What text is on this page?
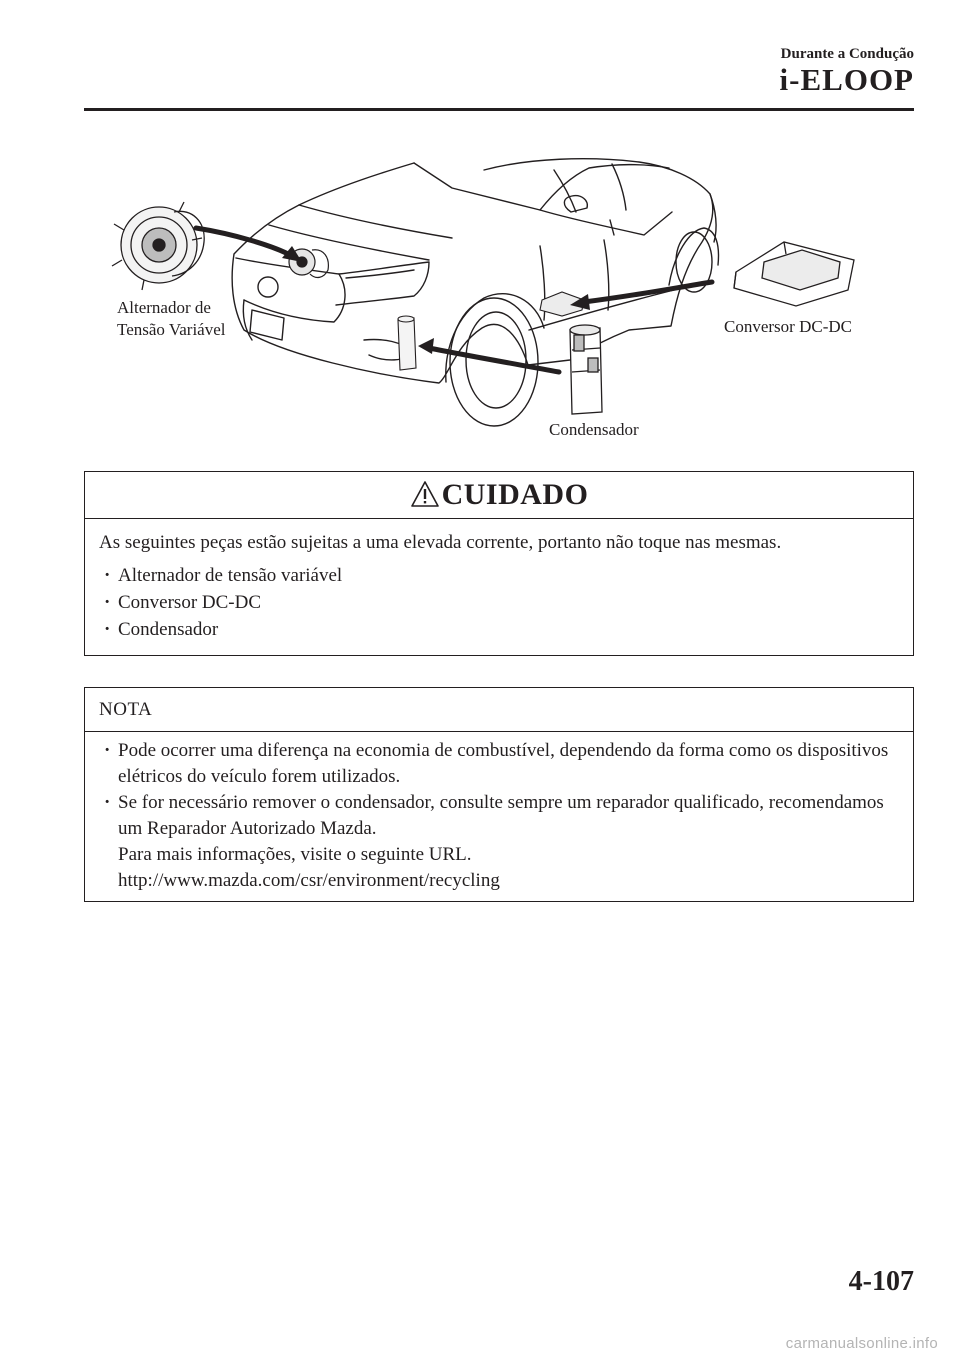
Durante a Condução
i-ELOOP
Alternador de Tensão Variável	Conversor DC-DC
Condensador
CUIDADO

As seguintes peças estão sujeitas a uma elevada corrente, portanto não toque nas mesmas.

· Alternador de tensão variável
· Conversor DC-DC
· Condensador
NOTA
· Pode ocorrer uma diferença na economia de combustível, dependendo da forma como os dispositivos elétricos do veículo forem utilizados.
· Se for necessário remover o condensador, consulte sempre um reparador qualificado, recomendamos um Reparador Autorizado Mazda.
Para mais informações, visite o seguinte URL.
http://www.mazda.com/csr/environment/recycling
4-107
carmanualsonline.info
